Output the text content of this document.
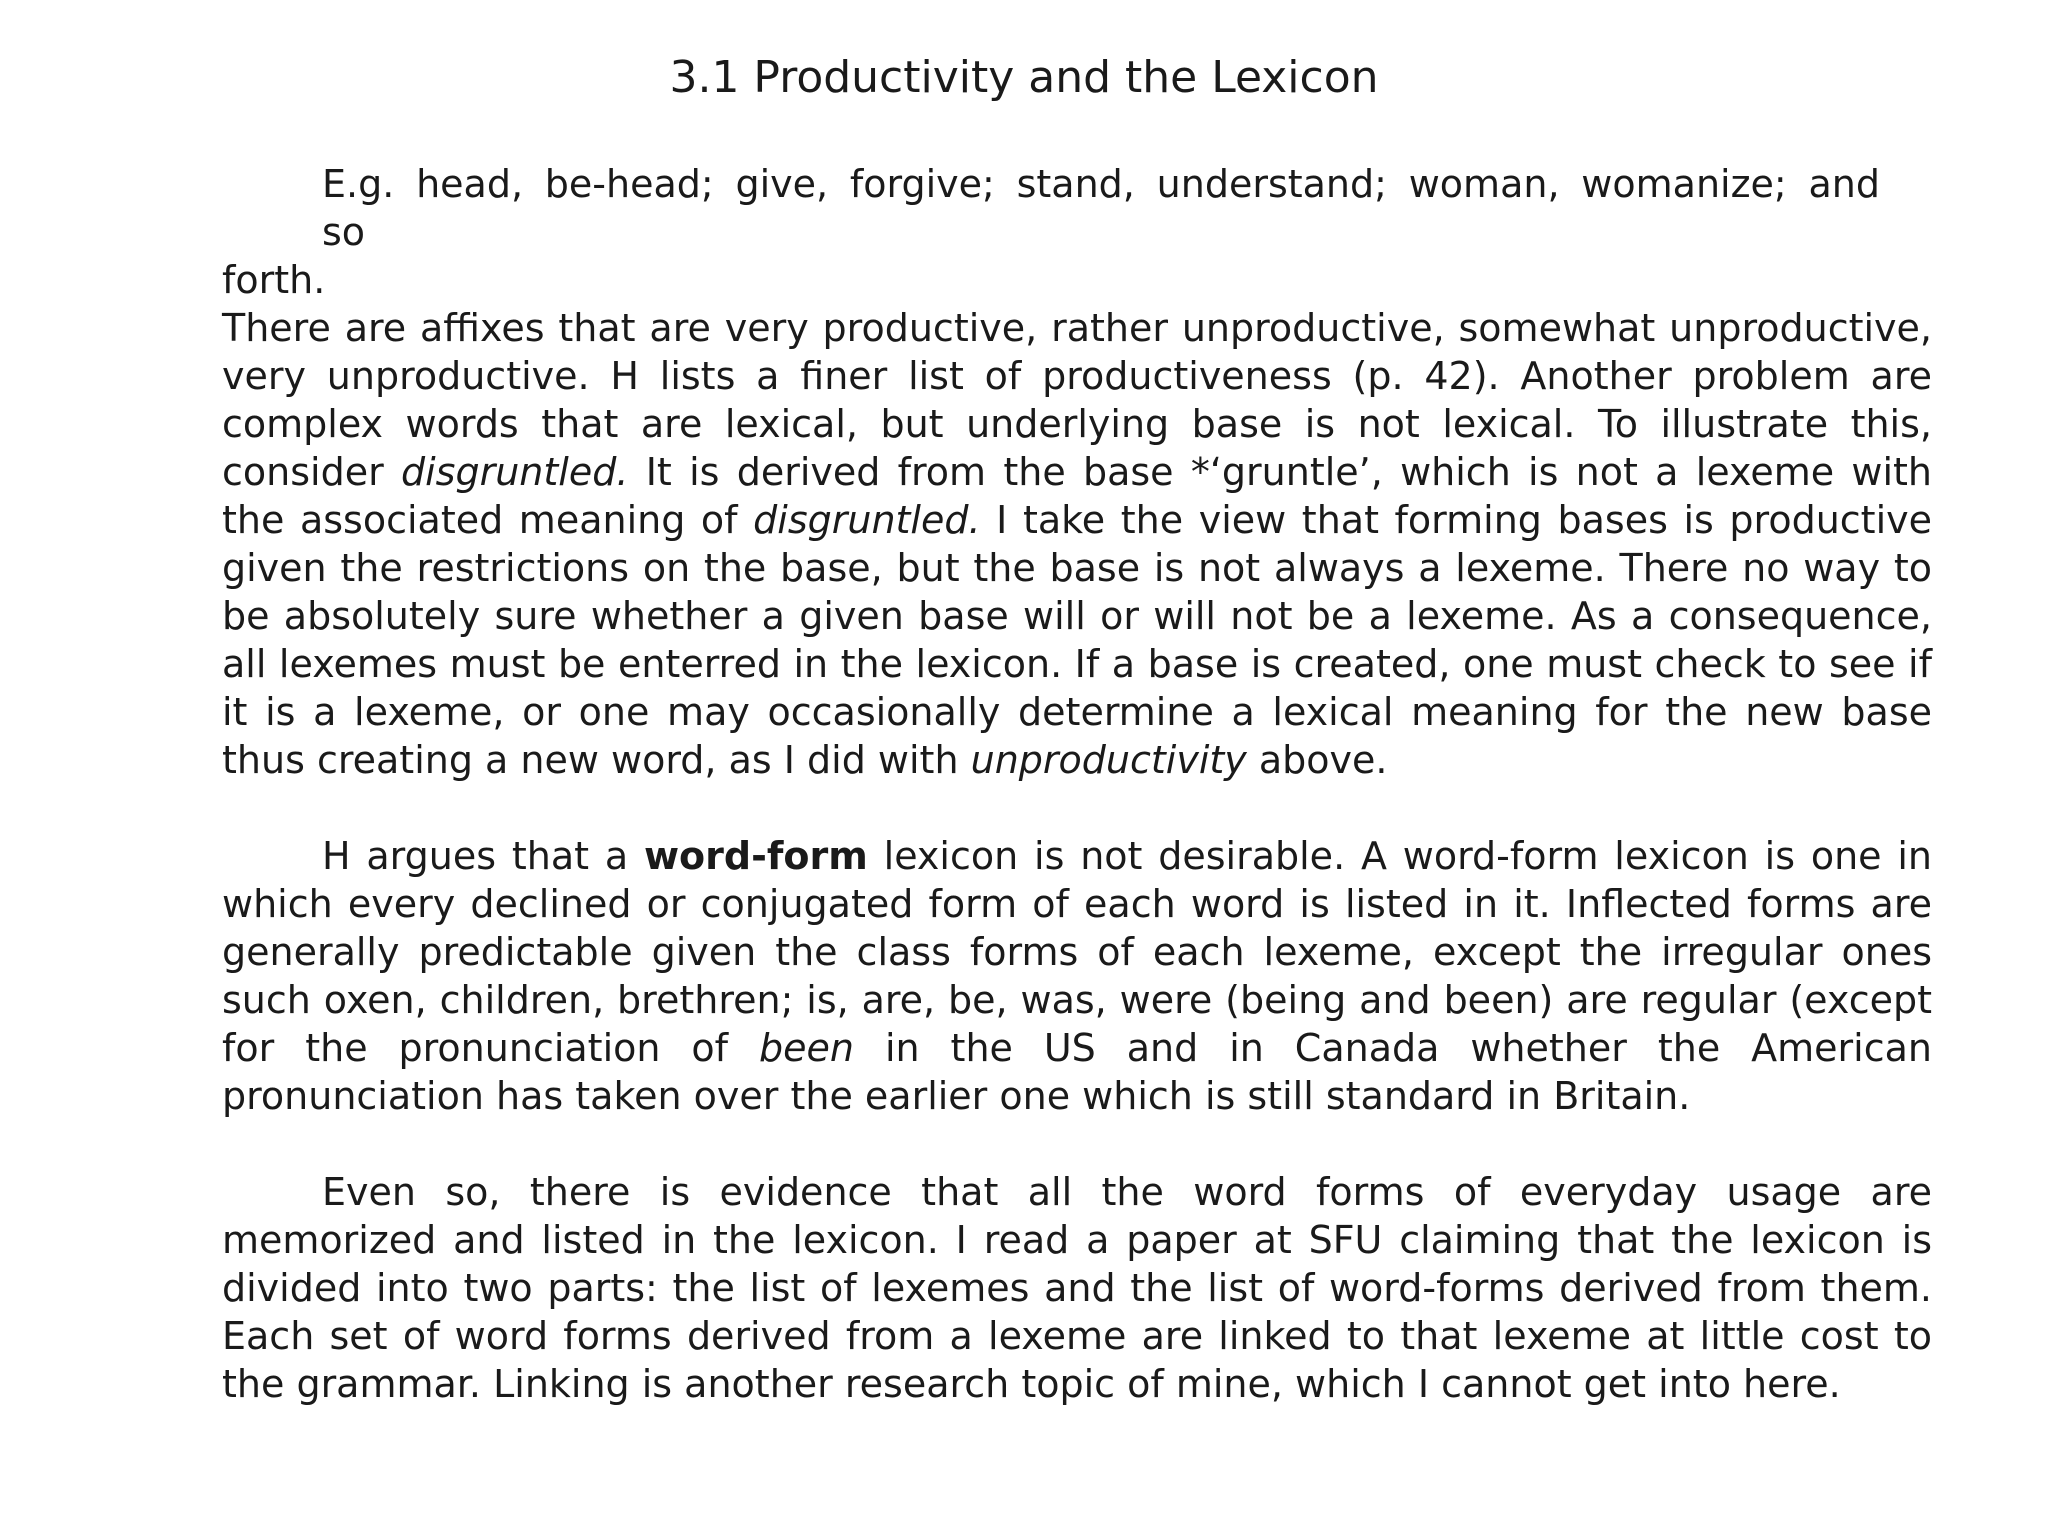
3.1 Productivity and the Lexicon
E.g. head, be-head; give, forgive; stand, understand; woman, womanize; and so
forth.

There are affixes that are very productive, rather unproductive, somewhat unproductive, very unproductive. H lists a finer list of productiveness (p. 42). Another problem are complex words that are lexical, but underlying base is not lexical. To illustrate this, consider disgruntled. It is derived from the base *‘gruntle’, which is not a lexeme with the associated meaning of disgruntled. I take the view that forming bases is productive given the restrictions on the base, but the base is not always a lexeme. There no way to be absolutely sure whether a given base will or will not be a lexeme. As a consequence, all lexemes must be enterred in the lexicon. If a base is created, one must check to see if it is a lexeme, or one may occasionally determine a lexical meaning for the new base thus creating a new word, as I did with unproductivity above.

H argues that a word-form lexicon is not desirable. A word-form lexicon is one in which every declined or conjugated form of each word is listed in it. Inflected forms are generally predictable given the class forms of each lexeme, except the irregular ones such oxen, children, brethren; is, are, be, was, were (being and been) are regular (except for the pronunciation of been in the US and in Canada whether the American pronunciation has taken over the earlier one which is still standard in Britain.

Even so, there is evidence that all the word forms of everyday usage are memorized and listed in the lexicon. I read a paper at SFU claiming that the lexicon is divided into two parts: the list of lexemes and the list of word-forms derived from them. Each set of word forms derived from a lexeme are linked to that lexeme at little cost to the grammar. Linking is another research topic of mine, which I cannot get into here.
